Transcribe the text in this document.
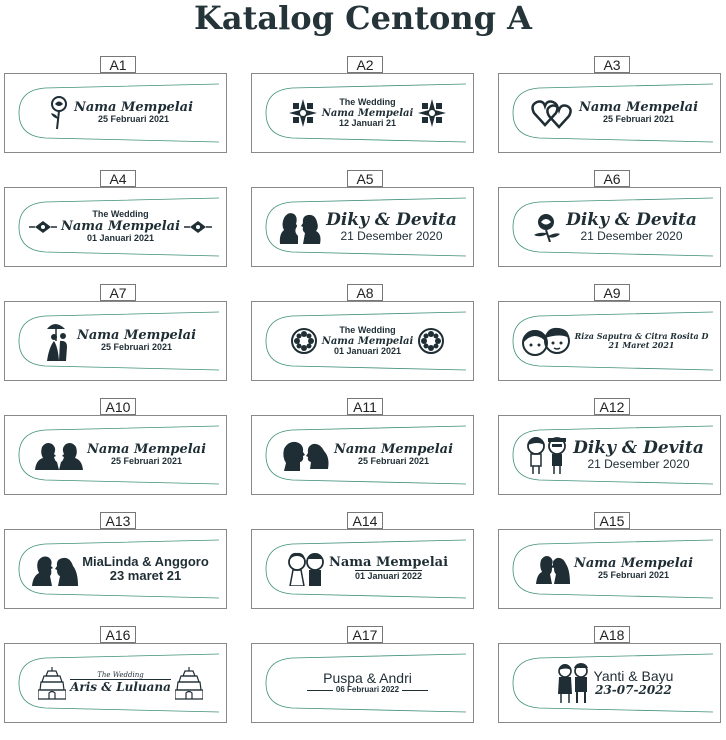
Katalog Centong A
A1
Nama Mempelai
25 Februari 2021
A2
The Wedding
Nama Mempelai
12 Januari 21
A3
Nama Mempelai
25 Februari 2021
A4
The Wedding
Nama Mempelai
01 Januari 2021
A5
Diky & Devita
21 Desember 2020
A6
Diky & Devita
21 Desember 2020
A7
Nama Mempelai
25 Februari 2021
A8
The Wedding
Nama Mempelai
01 Januari 2021
A9
Riza Saputra & Citra Rosita D
21 Maret 2021
A10
Nama Mempelai
25 Februari 2021
A11
Nama Mempelai
25 Februari 2021
A12
Diky & Devita
21 Desember 2020
A13
MiaLinda & Anggoro
23 maret 21
A14
Nama Mempelai
01 Januari 2022
A15
Nama Mempelai
25 Februari 2021
A16
The Wedding
Aris & Luluana
A17
Puspa & Andri
06 Februari 2022
A18
Yanti & Bayu
23-07-2022
